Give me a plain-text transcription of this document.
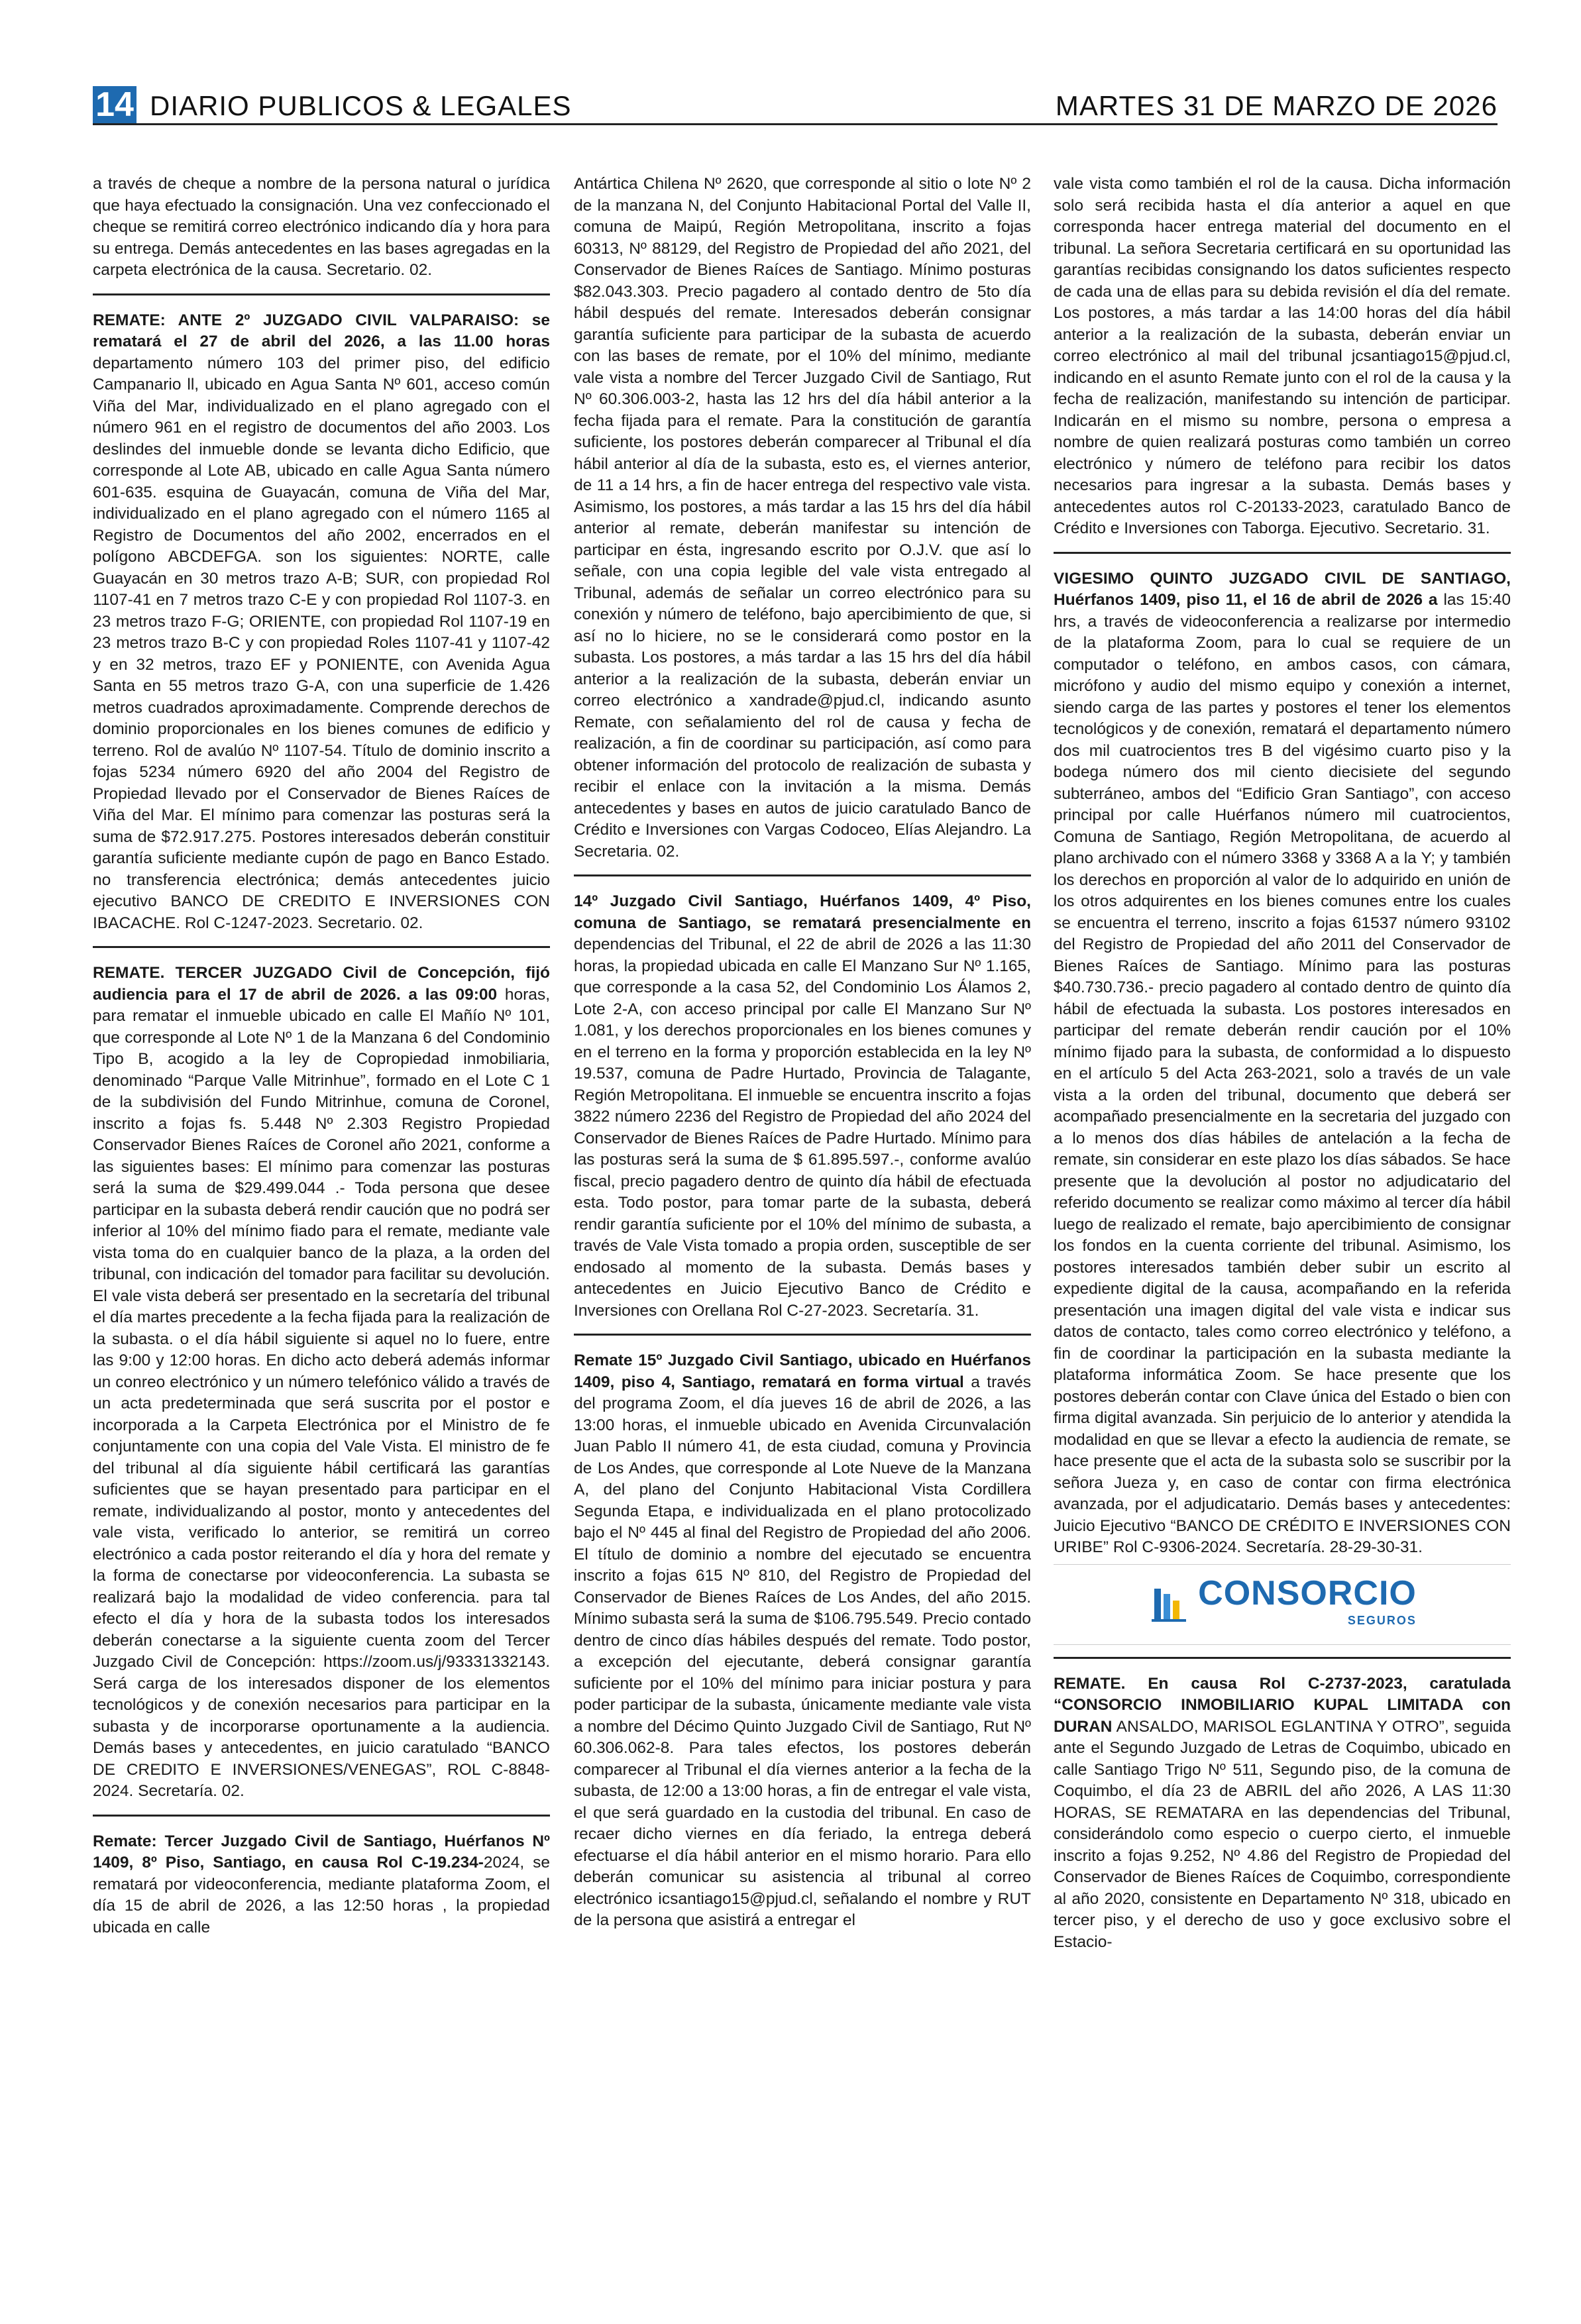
14 DIARIO PUBLICOS & LEGALES	MARTES 31 DE MARZO DE 2026

a través de cheque a nombre de la persona natural o jurídica que haya efectuado la consignación. Una vez confeccionado el cheque se remitirá correo electrónico indicando día y hora para su entrega. Demás antecedentes en las bases agregadas en la carpeta electrónica de la causa. Secretario. 02.

REMATE: ANTE 2º JUZGADO CIVIL VALPARAISO: se rematará el 27 de abril del 2026, a las 11.00 horas departamento número 103 del primer piso, del edificio Campanario ll, ubicado en Agua Santa Nº 601, acceso común Viña del Mar, individualizado en el plano agregado con el número 961 en el registro de documentos del año 2003. Los deslindes del inmueble donde se levanta dicho Edificio, que corresponde al Lote AB, ubicado en calle Agua Santa número 601-635. esquina de Guayacán, comuna de Viña del Mar, individualizado en el plano agregado con el número 1165 al Registro de Documentos del año 2002, encerrados en el polígono ABCDEFGA. son los siguientes: NORTE, calle Guayacán en 30 metros trazo A-B; SUR, con propiedad Rol 1107-41 en 7 metros trazo C-E y con propiedad Rol 1107-3. en 23 metros trazo F-G; ORIENTE, con propiedad Rol 1107-19 en 23 metros trazo B-C y con propiedad Roles 1107-41 y 1107-42 y en 32 metros, trazo EF y PONIENTE, con Avenida Agua Santa en 55 metros trazo G-A, con una superficie de 1.426 metros cuadrados aproximadamente. Comprende derechos de dominio proporcionales en los bienes comunes de edificio y terreno. Rol de avalúo Nº 1107-54. Título de dominio inscrito a fojas 5234 número 6920 del año 2004 del Registro de Propiedad llevado por el Conservador de Bienes Raíces de Viña del Mar. El mínimo para comenzar las posturas será la suma de $72.917.275. Postores interesados deberán constituir garantía suficiente mediante cupón de pago en Banco Estado. no transferencia electrónica; demás antecedentes juicio ejecutivo BANCO DE CREDITO E INVERSIONES CON IBACACHE. Rol C-1247-2023. Secretario. 02.

REMATE. TERCER JUZGADO Civil de Concepción, fijó audiencia para el 17 de abril de 2026. a las 09:00 horas, para rematar el inmueble ubicado en calle El Mañío Nº 101, que corresponde al Lote Nº 1 de la Manzana 6 del Condominio Tipo B, acogido a la ley de Copropiedad inmobiliaria, denominado “Parque Valle Mitrinhue”, formado en el Lote C 1 de la subdivisión del Fundo Mitrinhue, comuna de Coronel, inscrito a fojas fs. 5.448 Nº 2.303 Registro Propiedad Conservador Bienes Raíces de Coronel año 2021, conforme a las siguientes bases: El mínimo para comenzar las posturas será la suma de $29.499.044 .- Toda persona que desee participar en la subasta deberá rendir caución que no podrá ser inferior al 10% del mínimo fiado para el remate, mediante vale vista toma do en cualquier banco de la plaza, a la orden del tribunal, con indicación del tomador para facilitar su devolución. El vale vista deberá ser presentado en la secretaría del tribunal el día martes precedente a la fecha fijada para la realización de la subasta. o el día hábil siguiente si aquel no lo fuere, entre las 9:00 y 12:00 horas. En dicho acto deberá además informar un conreo electrónico y un número telefónico válido a través de un acta predeterminada que será suscrita por el postor e incorporada a la Carpeta Electrónica por el Ministro de fe conjuntamente con una copia del Vale Vista. El ministro de fe del tribunal al día siguiente hábil certificará las garantías suficientes que se hayan presentado para participar en el remate, individualizando al postor, monto y antecedentes del vale vista, verificado lo anterior, se remitirá un correo electrónico a cada postor reiterando el día y hora del remate y la forma de conectarse por videoconferencia. La subasta se realizará bajo la modalidad de video conferencia. para tal efecto el día y hora de la subasta todos los interesados deberán conectarse a la siguiente cuenta zoom del Tercer Juzgado Civil de Concepción: https://zoom.us/j/93331332143. Será carga de los interesados disponer de los elementos tecnológicos y de conexión necesarios para participar en la subasta y de incorporarse oportunamente a la audiencia. Demás bases y antecedentes, en juicio caratulado “BANCO DE CREDITO E INVERSIONES/VENEGAS”, ROL C-8848-2024. Secretaría. 02.

Remate: Tercer Juzgado Civil de Santiago, Huérfanos Nº 1409, 8º Piso, Santiago, en causa Rol C-19.234-2024, se rematará por videoconferencia, mediante plataforma Zoom, el día 15 de abril de 2026, a las 12:50 horas , la propiedad ubicada en calle

Antártica Chilena Nº 2620, que corresponde al sitio o lote Nº 2 de la manzana N, del Conjunto Habitacional Portal del Valle II, comuna de Maipú, Región Metropolitana, inscrito a fojas 60313, Nº 88129, del Registro de Propiedad del año 2021, del Conservador de Bienes Raíces de Santiago. Mínimo posturas $82.043.303. Precio pagadero al contado dentro de 5to día hábil después del remate. Interesados deberán consignar garantía suficiente para participar de la subasta de acuerdo con las bases de remate, por el 10% del mínimo, mediante vale vista a nombre del Tercer Juzgado Civil de Santiago, Rut Nº 60.306.003-2, hasta las 12 hrs del día hábil anterior a la fecha fijada para el remate. Para la constitución de garantía suficiente, los postores deberán comparecer al Tribunal el día hábil anterior al día de la subasta, esto es, el viernes anterior, de 11 a 14 hrs, a fin de hacer entrega del respectivo vale vista. Asimismo, los postores, a más tardar a las 15 hrs del día hábil anterior al remate, deberán manifestar su intención de participar en ésta, ingresando escrito por O.J.V. que así lo señale, con una copia legible del vale vista entregado al Tribunal, además de señalar un correo electrónico para su conexión y número de teléfono, bajo apercibimiento de que, si así no lo hiciere, no se le considerará como postor en la subasta. Los postores, a más tardar a las 15 hrs del día hábil anterior a la realización de la subasta, deberán enviar un correo electrónico a xandrade@pjud.cl, indicando asunto Remate, con señalamiento del rol de causa y fecha de realización, a fin de coordinar su participación, así como para obtener información del protocolo de realización de subasta y recibir el enlace con la invitación a la misma. Demás antecedentes y bases en autos de juicio caratulado Banco de Crédito e Inversiones con Vargas Codoceo, Elías Alejandro. La Secretaria. 02.

14º Juzgado Civil Santiago, Huérfanos 1409, 4º Piso, comuna de Santiago, se rematará presencialmente en dependencias del Tribunal, el 22 de abril de 2026 a las 11:30 horas, la propiedad ubicada en calle El Manzano Sur Nº 1.165, que corresponde a la casa 52, del Condominio Los Álamos 2, Lote 2-A, con acceso principal por calle El Manzano Sur Nº 1.081, y los derechos proporcionales en los bienes comunes y en el terreno en la forma y proporción establecida en la ley Nº 19.537, comuna de Padre Hurtado, Provincia de Talagante, Región Metropolitana. El inmueble se encuentra inscrito a fojas 3822 número 2236 del Registro de Propiedad del año 2024 del Conservador de Bienes Raíces de Padre Hurtado. Mínimo para las posturas será la suma de $ 61.895.597.-, conforme avalúo fiscal, precio pagadero dentro de quinto día hábil de efectuada esta. Todo postor, para tomar parte de la subasta, deberá rendir garantía suficiente por el 10% del mínimo de subasta, a través de Vale Vista tomado a propia orden, susceptible de ser endosado al momento de la subasta. Demás bases y antecedentes en Juicio Ejecutivo Banco de Crédito e Inversiones con Orellana Rol C-27-2023. Secretaría. 31.

Remate 15º Juzgado Civil Santiago, ubicado en Huérfanos 1409, piso 4, Santiago, rematará en forma virtual a través del programa Zoom, el día jueves 16 de abril de 2026, a las 13:00 horas, el inmueble ubicado en Avenida Circunvalación Juan Pablo II número 41, de esta ciudad, comuna y Provincia de Los Andes, que corresponde al Lote Nueve de la Manzana A, del plano del Conjunto Habitacional Vista Cordillera Segunda Etapa, e individualizada en el plano protocolizado bajo el Nº 445 al final del Registro de Propiedad del año 2006. El título de dominio a nombre del ejecutado se encuentra inscrito a fojas 615 Nº 810, del Registro de Propiedad del Conservador de Bienes Raíces de Los Andes, del año 2015. Mínimo subasta será la suma de $106.795.549. Precio contado dentro de cinco días hábiles después del remate. Todo postor, a excepción del ejecutante, deberá consignar garantía suficiente por el 10% del mínimo para iniciar postura y para poder participar de la subasta, únicamente mediante vale vista a nombre del Décimo Quinto Juzgado Civil de Santiago, Rut Nº 60.306.062-8. Para tales efectos, los postores deberán comparecer al Tribunal el día viernes anterior a la fecha de la subasta, de 12:00 a 13:00 horas, a fin de entregar el vale vista, el que será guardado en la custodia del tribunal. En caso de recaer dicho viernes en día feriado, la entrega deberá efectuarse el día hábil anterior en el mismo horario. Para ello deberán comunicar su asistencia al tribunal al correo electrónico icsantiago15@pjud.cl, señalando el nombre y RUT de la persona que asistirá a entregar el

vale vista como también el rol de la causa. Dicha información solo será recibida hasta el día anterior a aquel en que corresponda hacer entrega material del documento en el tribunal. La señora Secretaria certificará en su oportunidad las garantías recibidas consignando los datos suficientes respecto de cada una de ellas para su debida revisión el día del remate. Los postores, a más tardar a las 14:00 horas del día hábil anterior a la realización de la subasta, deberán enviar un correo electrónico al mail del tribunal jcsantiago15@pjud.cl, indicando en el asunto Remate junto con el rol de la causa y la fecha de realización, manifestando su intención de participar. Indicarán en el mismo su nombre, persona o empresa a nombre de quien realizará posturas como también un correo electrónico y número de teléfono para recibir los datos necesarios para ingresar a la subasta. Demás bases y antecedentes autos rol C-20133-2023, caratulado Banco de Crédito e Inversiones con Taborga. Ejecutivo. Secretario. 31.

VIGESIMO QUINTO JUZGADO CIVIL DE SANTIAGO, Huérfanos 1409, piso 11, el 16 de abril de 2026 a las 15:40 hrs, a través de videoconferencia a realizarse por intermedio de la plataforma Zoom, para lo cual se requiere de un computador o teléfono, en ambos casos, con cámara, micrófono y audio del mismo equipo y conexión a internet, siendo carga de las partes y postores el tener los elementos tecnológicos y de conexión, rematará el departamento número dos mil cuatrocientos tres B del vigésimo cuarto piso y la bodega número dos mil ciento diecisiete del segundo subterráneo, ambos del “Edificio Gran Santiago”, con acceso principal por calle Huérfanos número mil cuatrocientos, Comuna de Santiago, Región Metropolitana, de acuerdo al plano archivado con el número 3368 y 3368 A a la Y; y también los derechos en proporción al valor de lo adquirido en unión de los otros adquirentes en los bienes comunes entre los cuales se encuentra el terreno, inscrito a fojas 61537 número 93102 del Registro de Propiedad del año 2011 del Conservador de Bienes Raíces de Santiago. Mínimo para las posturas $40.730.736.- precio pagadero al contado dentro de quinto día hábil de efectuada la subasta. Los postores interesados en participar del remate deberán rendir caución por el 10% mínimo fijado para la subasta, de conformidad a lo dispuesto en el artículo 5 del Acta 263-2021, solo a través de un vale vista a la orden del tribunal, documento que deberá ser acompañado presencialmente en la secretaria del juzgado con a lo menos dos días hábiles de antelación a la fecha de remate, sin considerar en este plazo los días sábados. Se hace presente que la devolución al postor no adjudicatario del referido documento se realizar como máximo al tercer día hábil luego de realizado el remate, bajo apercibimiento de consignar los fondos en la cuenta corriente del tribunal. Asimismo, los postores interesados también deber subir un escrito al expediente digital de la causa, acompañando en la referida presentación una imagen digital del vale vista e indicar sus datos de contacto, tales como correo electrónico y teléfono, a fin de coordinar la participación en la subasta mediante la plataforma informática Zoom. Se hace presente que los postores deberán contar con Clave única del Estado o bien con firma digital avanzada. Sin perjuicio de lo anterior y atendida la modalidad en que se llevar a efecto la audiencia de remate, se hace presente que el acta de la subasta solo se suscribir por la señora Jueza y, en caso de contar con firma electrónica avanzada, por el adjudicatario. Demás bases y antecedentes: Juicio Ejecutivo “BANCO DE CRÉDITO E INVERSIONES CON URIBE” Rol C-9306-2024. Secretaría. 28-29-30-31.

CONSORCIO
SEGUROS

REMATE. En causa Rol C-2737-2023, caratulada “CONSORCIO INMOBILIARIO KUPAL LIMITADA con DURAN ANSALDO, MARISOL EGLANTINA Y OTRO”, seguida ante el Segundo Juzgado de Letras de Coquimbo, ubicado en calle Santiago Trigo Nº 511, Segundo piso, de la comuna de Coquimbo, el día 23 de ABRIL del año 2026, A LAS 11:30 HORAS, SE REMATARA en las dependencias del Tribunal, considerándolo como especio o cuerpo cierto, el inmueble inscrito a fojas 9.252, Nº 4.86 del Registro de Propiedad del Conservador de Bienes Raíces de Coquimbo, correspondiente al año 2020, consistente en Departamento Nº 318, ubicado en tercer piso, y el derecho de uso y goce exclusivo sobre el Estacio-
